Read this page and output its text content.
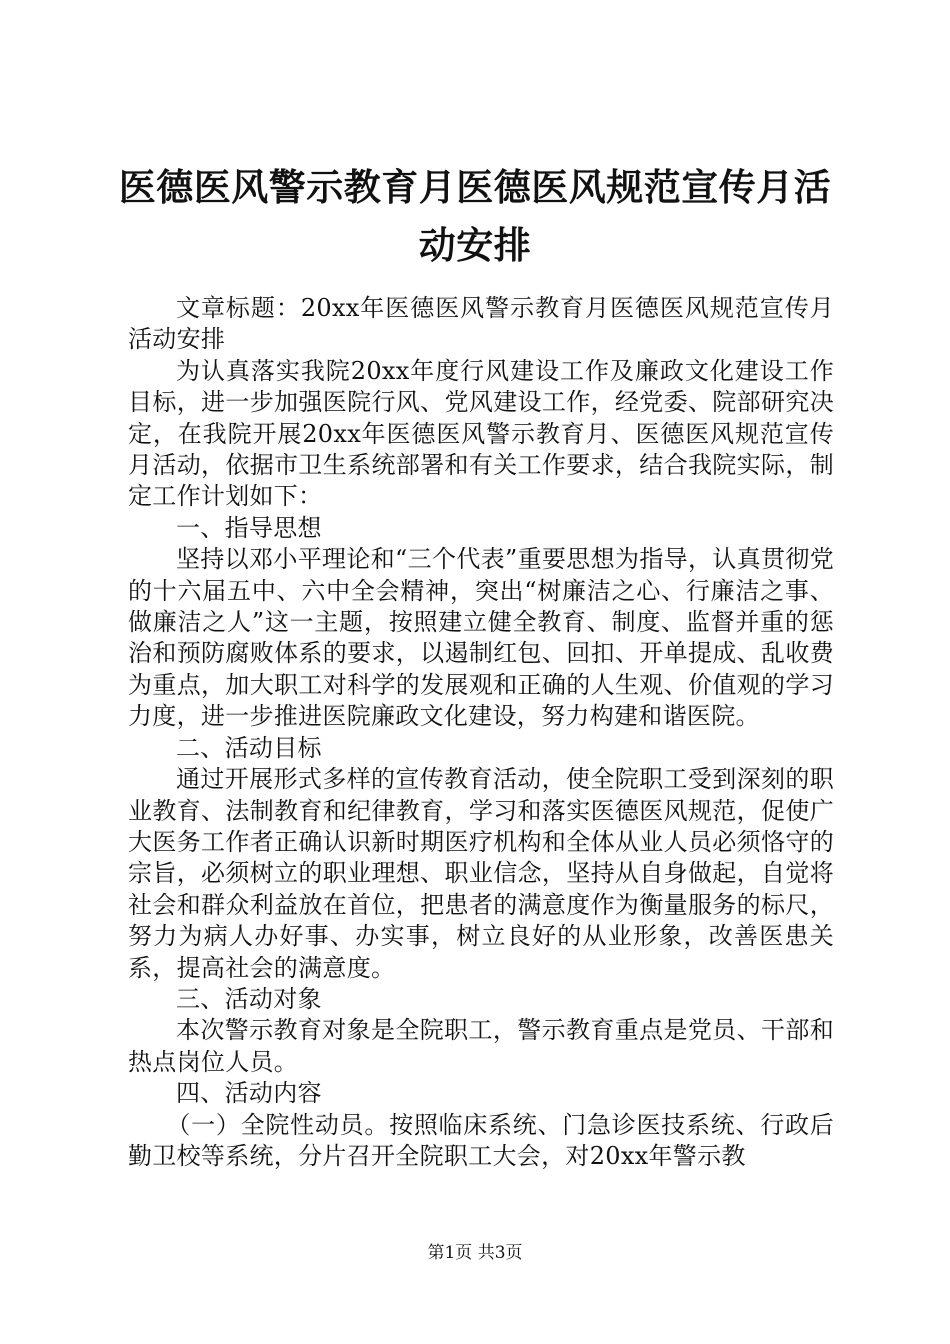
医德医风警示教育月医德医风规范宣传月活动安排

文章标题：20xx年医德医风警示教育月医德医风规范宣传月活动安排

为认真落实我院20xx年度行风建设工作及廉政文化建设工作目标，进一步加强医院行风、党风建设工作，经党委、院部研究决定，在我院开展20xx年医德医风警示教育月、医德医风规范宣传月活动，依据市卫生系统部署和有关工作要求，结合我院实际，制定工作计划如下：

一、指导思想

坚持以邓小平理论和“三个代表”重要思想为指导，认真贯彻党的十六届五中、六中全会精神，突出“树廉洁之心、行廉洁之事、做廉洁之人”这一主题，按照建立健全教育、制度、监督并重的惩治和预防腐败体系的要求，以遏制红包、回扣、开单提成、乱收费为重点，加大职工对科学的发展观和正确的人生观、价值观的学习力度，进一步推进医院廉政文化建设，努力构建和谐医院。

二、活动目标

通过开展形式多样的宣传教育活动，使全院职工受到深刻的职业教育、法制教育和纪律教育，学习和落实医德医风规范，促使广大医务工作者正确认识新时期医疗机构和全体从业人员必须恪守的宗旨，必须树立的职业理想、职业信念，坚持从自身做起，自觉将社会和群众利益放在首位，把患者的满意度作为衡量服务的标尺，努力为病人办好事、办实事，树立良好的从业形象，改善医患关系，提高社会的满意度。

三、活动对象

本次警示教育对象是全院职工，警示教育重点是党员、干部和热点岗位人员。

四、活动内容

（一）全院性动员。按照临床系统、门急诊医技系统、行政后勤卫校等系统，分片召开全院职工大会，对20xx年警示教

第1页 共3页
